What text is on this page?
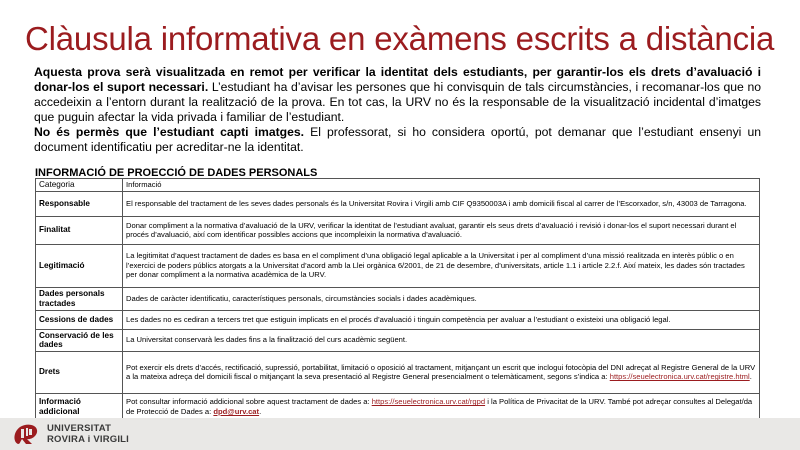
Clàusula informativa en exàmens escrits a distància

Aquesta prova serà visualitzada en remot per verificar la identitat dels estudiants, per garantir-los els drets d’avaluació i donar-los el suport necessari. L’estudiant ha d’avisar les persones que hi convisquin de tals circumstàncies, i recomanar-los que no accedeixin a l’entorn durant la realització de la prova. En tot cas, la URV no és la responsable de la visualització incidental d’imatges que puguin afectar la vida privada i familiar de l’estudiant.

No és permès que l’estudiant capti imatges. El professorat, si ho considera oportú, pot demanar que l’estudiant ensenyi un document identificatiu per acreditar-ne la identitat.

INFORMACIÓ DE PROECCIÓ DE DADES PERSONALS
Categoria	Informació
Responsable	El responsable del tractament de les seves dades personals és la Universitat Rovira i Virgili amb CIF Q9350003A i amb domicili fiscal al carrer de l’Escorxador, s/n, 43003 de Tarragona.
Finalitat	Donar compliment a la normativa d’avaluació de la URV, verificar la identitat de l’estudiant avaluat, garantir els seus drets d’avaluació i revisió i donar-los el suport necessari durant el procés d’avaluació, així com identificar possibles accions que incompleixin la normativa d’avaluació.
Legitimació	La legitimitat d’aquest tractament de dades es basa en el compliment d’una obligació legal aplicable a la Universitat i per al compliment d’una missió realitzada en interès públic o en l’exercici de poders públics atorgats a la Universitat d’acord amb la Llei orgànica 6/2001, de 21 de desembre, d’universitats, article 1.1 i article 2.2.f. Així mateix, les dades són tractades per donar compliment a la normativa acadèmica de la URV.
Dades personals tractades	Dades de caràcter identificatiu, característiques personals, circumstàncies socials i dades acadèmiques.
Cessions de dades	Les dades no es cediran a tercers tret que estiguin implicats en el procés d’avaluació i tinguin competència per avaluar a l’estudiant o existeixi una obligació legal.
Conservació de les dades	La Universitat conservarà les dades fins a la finalització del curs acadèmic següent.
Drets	Pot exercir els drets d’accés, rectificació, supressió, portabilitat, limitació o oposició al tractament, mitjançant un escrit que inclogui fotocòpia del DNI adreçat al Registre General de la URV a la mateixa adreça del domicili fiscal o mitjançant la seva presentació al Registre General presencialment o telemàticament, segons s’indica a: https://seuelectronica.urv.cat/registre.html.
Informació addicional	Pot consultar informació addicional sobre aquest tractament de dades a: https://seuelectronica.urv.cat/rgpd i la Política de Privacitat de la URV. També pot adreçar consultes al Delegat/da de Protecció de Dades a: dpd@urv.cat.
UNIVERSITAT
ROVIRA i VIRGILI
